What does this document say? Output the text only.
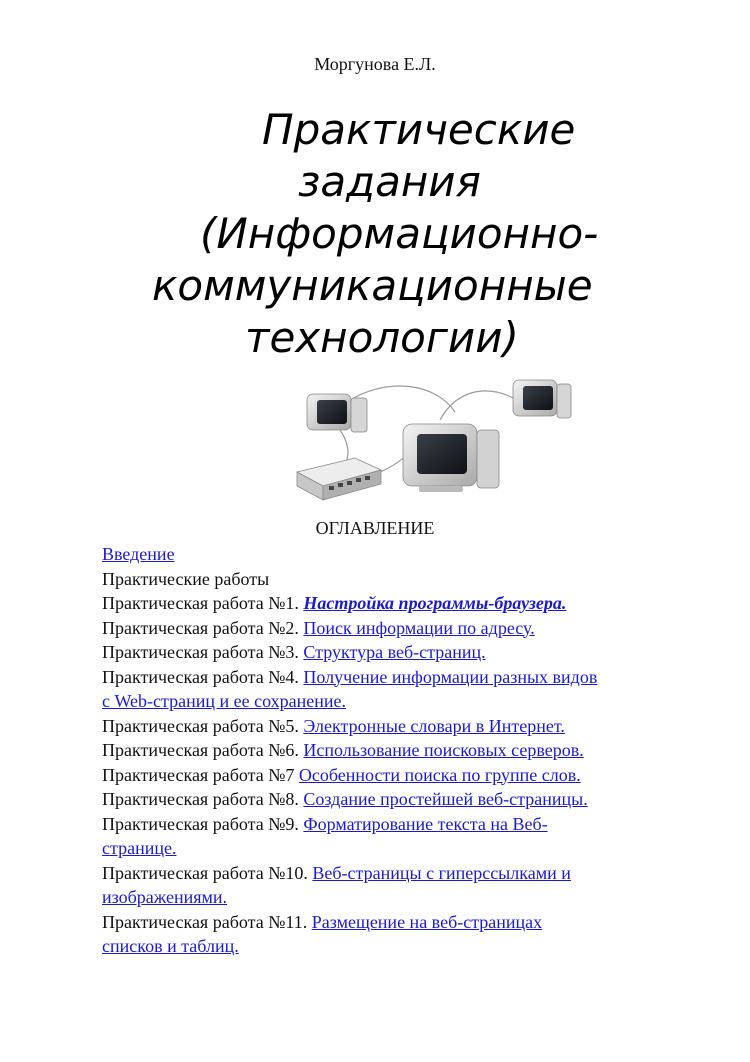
Моргунова Е.Л.
Практические
задания
(Информационно-
коммуникационные
технологии)
ОГЛАВЛЕНИЕ
Введение
Практические работы
Практическая работа №1. Настройка программы-браузера.
Практическая работа №2. Поиск информации по адресу.
Практическая работа №3. Структура веб-страниц.
Практическая работа №4. Получение информации разных видов
с Web-страниц и ее сохранение.
Практическая работа №5. Электронные словари в Интернет.
Практическая работа №6. Использование поисковых серверов.
Практическая работа №7 Особенности поиска по группе слов.
Практическая работа №8. Создание простейшей веб-страницы.
Практическая работа №9. Форматирование текста на Веб-
странице.
Практическая работа №10. Веб-страницы с гиперссылками и
изображениями.
Практическая работа №11. Размещение на веб-страницах
списков и таблиц.
